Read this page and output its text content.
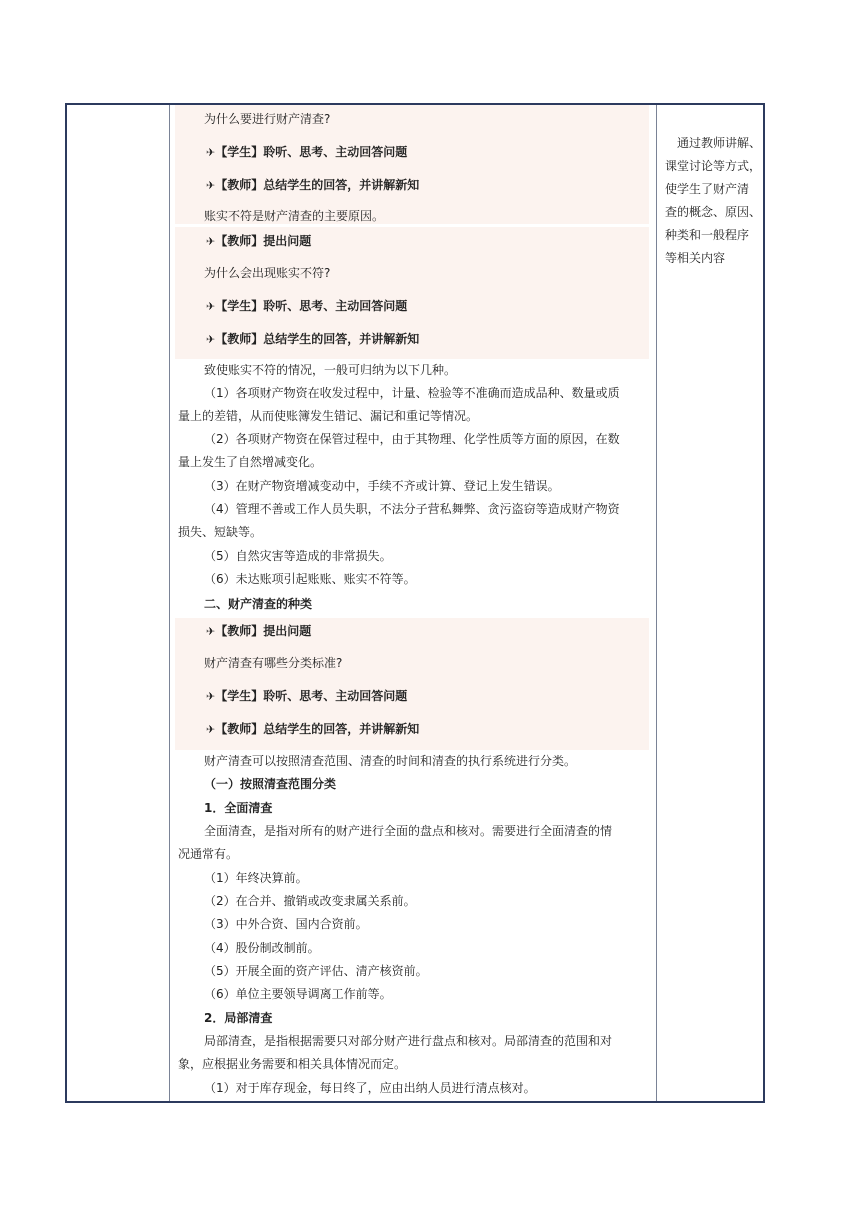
为什么要进行财产清查?
✈【学生】聆听、思考、主动回答问题
✈【教师】总结学生的回答，并讲解新知
账实不符是财产清查的主要原因。
✈【教师】提出问题
为什么会出现账实不符?
✈【学生】聆听、思考、主动回答问题
✈【教师】总结学生的回答，并讲解新知
致使账实不符的情况，一般可归纳为以下几种。
（1）各项财产物资在收发过程中，计量、检验等不准确而造成品种、数量或质
量上的差错，从而使账簿发生错记、漏记和重记等情况。
（2）各项财产物资在保管过程中，由于其物理、化学性质等方面的原因，在数
量上发生了自然增减变化。
（3）在财产物资增减变动中，手续不齐或计算、登记上发生错误。
（4）管理不善或工作人员失职，不法分子营私舞弊、贪污盗窃等造成财产物资
损失、短缺等。
（5）自然灾害等造成的非常损失。
（6）未达账项引起账账、账实不符等。
二、财产清查的种类
✈【教师】提出问题
财产清查有哪些分类标准?
✈【学生】聆听、思考、主动回答问题
✈【教师】总结学生的回答，并讲解新知
财产清查可以按照清查范围、清查的时间和清查的执行系统进行分类。
（一）按照清查范围分类
1．全面清查
全面清查，是指对所有的财产进行全面的盘点和核对。需要进行全面清查的情
况通常有。
（1）年终决算前。
（2）在合并、撤销或改变隶属关系前。
（3）中外合资、国内合资前。
（4）股份制改制前。
（5）开展全面的资产评估、清产核资前。
（6）单位主要领导调离工作前等。
2．局部清查
局部清查，是指根据需要只对部分财产进行盘点和核对。局部清查的范围和对
象，应根据业务需要和相关具体情况而定。
（1）对于库存现金，每日终了，应由出纳人员进行清点核对。
通过教师讲解、
课堂讨论等方式，
使学生了财产清
查的概念、原因、
种类和一般程序
等相关内容
